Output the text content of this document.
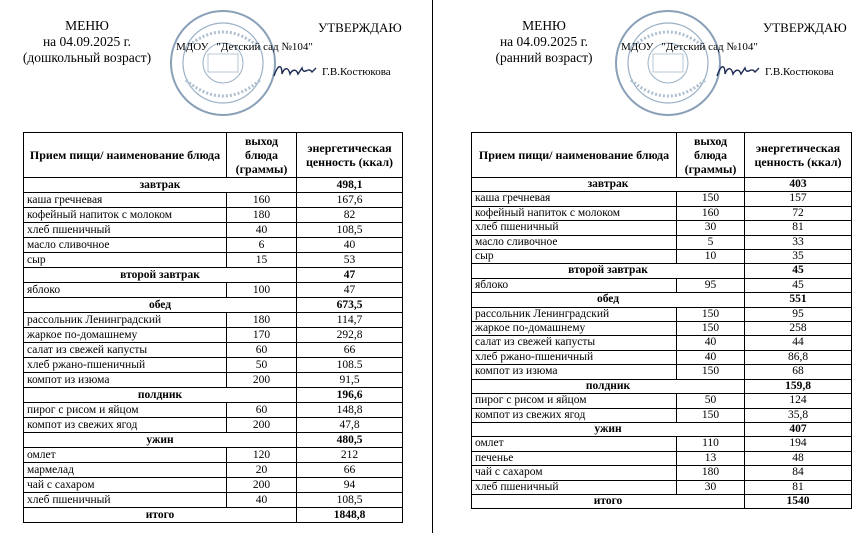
МЕНЮ
на 04.09.2025 г.
(дошкольный возраст)
УТВЕРЖДАЮ
МДОУ "Детский сад №104"
Г.В.Костюкова
Прием пищи/ наименование блюда	выход блюда (граммы)	энергетическая ценность (ккал)
завтрак		498,1
каша гречневая	160	167,6
кофейный напиток с молоком	180	82
хлеб пшеничный	40	108,5
масло сливочное	6	40
сыр	15	53
второй завтрак		47
яблоко	100	47
обед		673,5
рассольник Ленинградский	180	114,7
жаркое по-домашнему	170	292,8
салат из свежей капусты	60	66
хлеб ржано-пшеничный	50	108.5
компот из изюма	200	91,5
полдник		196,6
пирог с рисом и яйцом	60	148,8
компот из свежих ягод	200	47,8
ужин		480,5
омлет	120	212
мармелад	20	66
чай с сахаром	200	94
хлеб пшеничный	40	108,5
итого		1848,8
МЕНЮ
на 04.09.2025 г.
(ранний возраст)
УТВЕРЖДАЮ
МДОУ "Детский сад №104"
Г.В.Костюкова
Прием пищи/ наименование блюда	выход блюда (граммы)	энергетическая ценность (ккал)
завтрак		403
каша гречневая	150	157
кофейный напиток с молоком	160	72
хлеб пшеничный	30	81
масло сливочное	5	33
сыр	10	35
второй завтрак		45
яблоко	95	45
обед		551
рассольник Ленинградский	150	95
жаркое по-домашнему	150	258
салат из свежей капусты	40	44
хлеб ржано-пшеничный	40	86,8
компот из изюма	150	68
полдник		159,8
пирог с рисом и яйцом	50	124
компот из свежих ягод	150	35,8
ужин		407
омлет	110	194
печенье	13	48
чай с сахаром	180	84
хлеб пшеничный	30	81
итого		1540
